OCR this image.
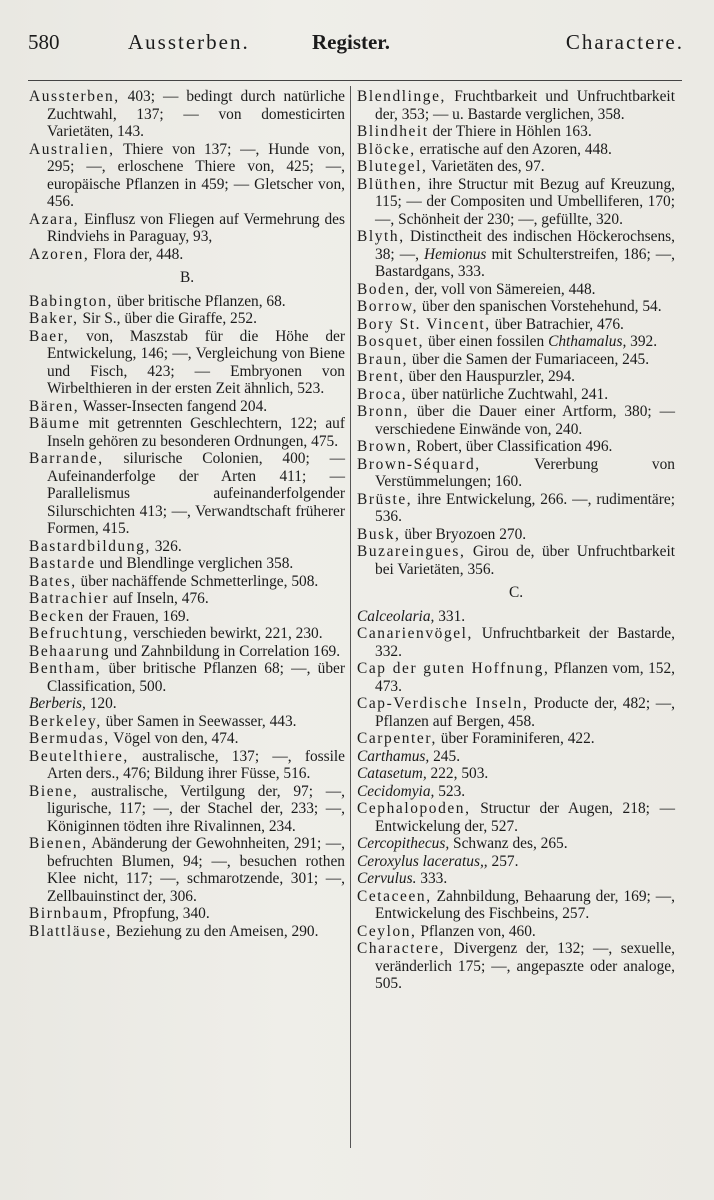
580	Aussterben.	Register.	Charactere.
Aussterben, 403; — bedingt durch natürliche Zuchtwahl, 137; — von domesticirten Varietäten, 143.
Australien, Thiere von 137; —, Hunde von, 295; —, erloschene Thiere von, 425; —, europäische Pflanzen in 459; — Gletscher von, 456.
Azara, Einflusz von Fliegen auf Vermehrung des Rindviehs in Paraguay, 93,
Azoren, Flora der, 448.
B.
Babington, über britische Pflanzen, 68.
Baker, Sir S., über die Giraffe, 252.
Baer, von, Maszstab für die Höhe der Entwickelung, 146; —, Vergleichung von Biene und Fisch, 423; — Embryonen von Wirbelthieren in der ersten Zeit ähnlich, 523.
Bären, Wasser-Insecten fangend 204.
Bäume mit getrennten Geschlechtern, 122; auf Inseln gehören zu besonderen Ordnungen, 475.
Barrande, silurische Colonien, 400; — Aufeinanderfolge der Arten 411; — Parallelismus aufeinanderfolgender Silurschichten 413; —, Verwandtschaft früherer Formen, 415.
Bastardbildung, 326.
Bastarde und Blendlinge verglichen 358.
Bates, über nachäffende Schmetterlinge, 508.
Batrachier auf Inseln, 476.
Becken der Frauen, 169.
Befruchtung, verschieden bewirkt, 221, 230.
Behaarung und Zahnbildung in Correlation 169.
Bentham, über britische Pflanzen 68; —, über Classification, 500.
Berberis, 120.
Berkeley, über Samen in Seewasser, 443.
Bermudas, Vögel von den, 474.
Beutelthiere, australische, 137; —, fossile Arten ders., 476; Bildung ihrer Füsse, 516.
Biene, australische, Vertilgung der, 97; —, ligurische, 117; —, der Stachel der, 233; —, Königinnen tödten ihre Rivalinnen, 234.
Bienen, Abänderung der Gewohnheiten, 291; —, befruchten Blumen, 94; —, besuchen rothen Klee nicht, 117; —, schmarotzende, 301; —, Zellbauinstinct der, 306.
Birnbaum, Pfropfung, 340.
Blattläuse, Beziehung zu den Ameisen, 290.
Blendlinge, Fruchtbarkeit und Unfruchtbarkeit der, 353; — u. Bastarde verglichen, 358.
Blindheit der Thiere in Höhlen 163.
Blöcke, erratische auf den Azoren, 448.
Blutegel, Varietäten des, 97.
Blüthen, ihre Structur mit Bezug auf Kreuzung, 115; — der Compositen und Umbelliferen, 170; —, Schönheit der 230; —, gefüllte, 320.
Blyth, Distinctheit des indischen Höckerochsens, 38; —, Hemionus mit Schulterstreifen, 186; —, Bastardgans, 333.
Boden, der, voll von Sämereien, 448.
Borrow, über den spanischen Vorstehehund, 54.
Bory St. Vincent, über Batrachier, 476.
Bosquet, über einen fossilen Chthamalus, 392.
Braun, über die Samen der Fumariaceen, 245.
Brent, über den Hauspurzler, 294.
Broca, über natürliche Zuchtwahl, 241.
Bronn, über die Dauer einer Artform, 380; — verschiedene Einwände von, 240.
Brown, Robert, über Classification 496.
Brown-Séquard, Vererbung von Verstümmelungen; 160.
Brüste, ihre Entwickelung, 266. —, rudimentäre; 536.
Busk, über Bryozoen 270.
Buzareingues, Girou de, über Unfruchtbarkeit bei Varietäten, 356.
C.
Calceolaria, 331.
Canarienvögel, Unfruchtbarkeit der Bastarde, 332.
Cap der guten Hoffnung, Pflanzen vom, 152, 473.
Cap-Verdische Inseln, Producte der, 482; —, Pflanzen auf Bergen, 458.
Carpenter, über Foraminiferen, 422.
Carthamus, 245.
Catasetum, 222, 503.
Cecidomyia, 523.
Cephalopoden, Structur der Augen, 218; — Entwickelung der, 527.
Cercopithecus, Schwanz des, 265.
Ceroxylus laceratus,, 257.
Cervulus. 333.
Cetaceen, Zahnbildung, Behaarung der, 169; —, Entwickelung des Fischbeins, 257.
Ceylon, Pflanzen von, 460.
Charactere, Divergenz der, 132; —, sexuelle, veränderlich 175; —, angepaszte oder analoge, 505.
